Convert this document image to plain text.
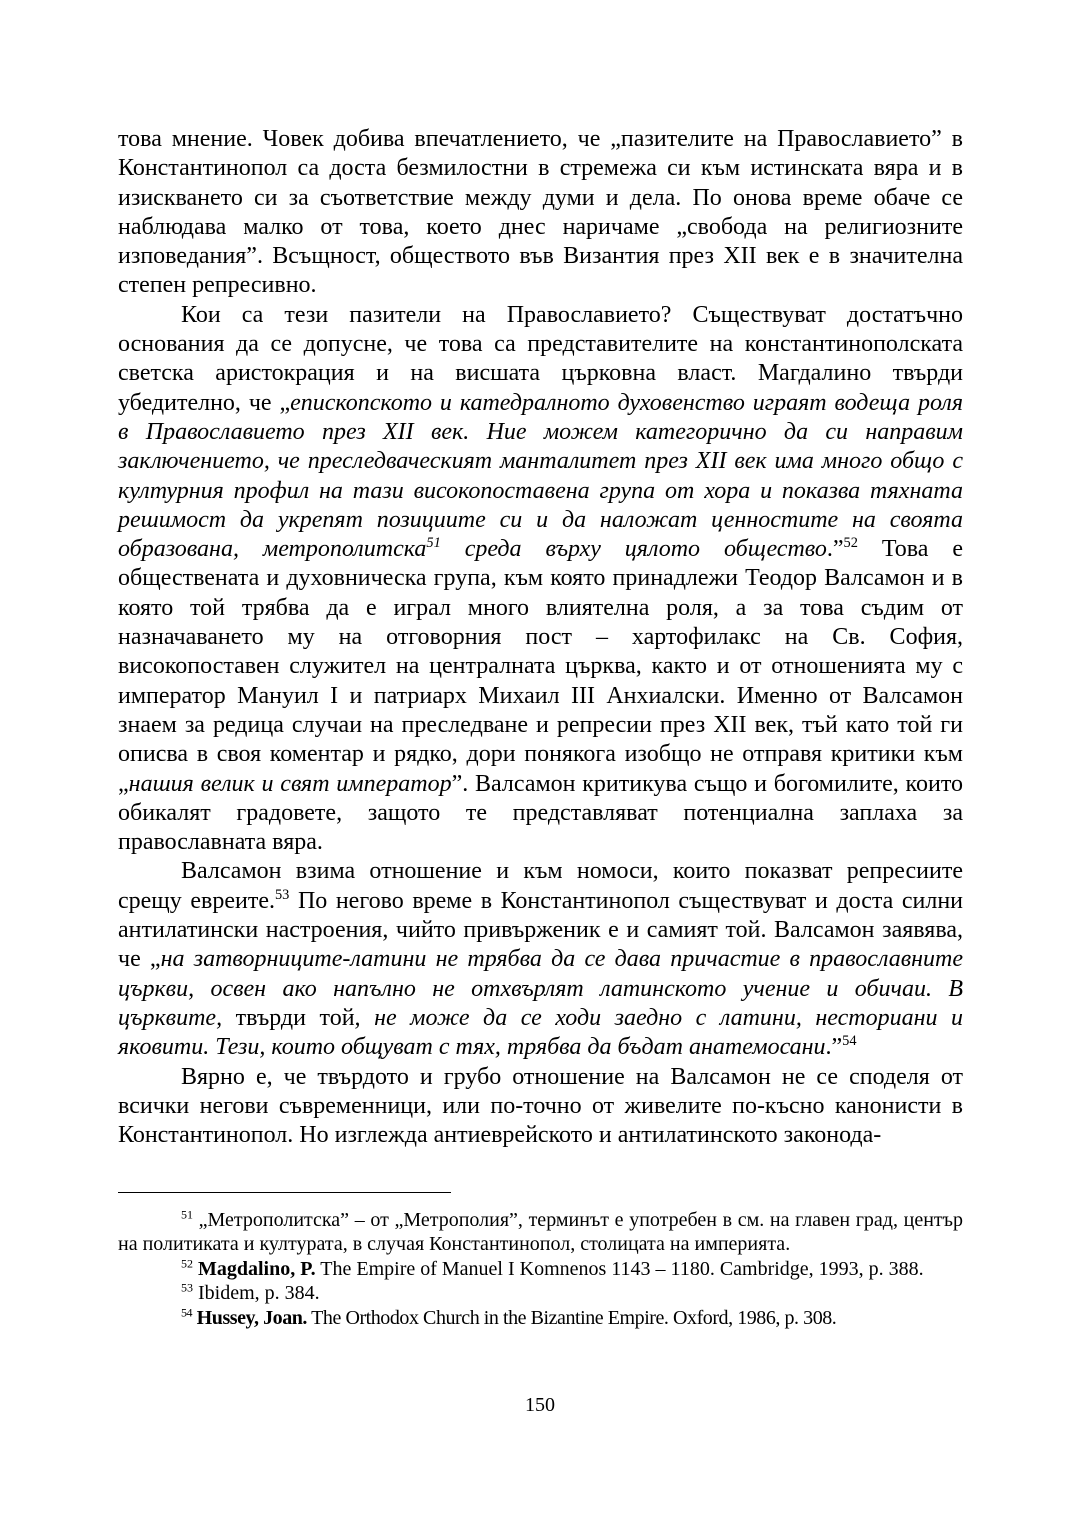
това мнение. Човек добива впечатлението, че „пазителите на Православието” в Константинопол са доста безмилостни в стремежа си към истинската вяра и в изискването си за съответствие между думи и дела. По онова време обаче се наблюдава малко от това, което днес наричаме „свобода на религиозните изповедания”. Всъщност, обществото във Византия през XII век е в значителна степен репресивно.

Кои са тези пазители на Православието? Съществуват достатъчно основания да се допусне, че това са представителите на константинополската светска аристокрация и на висшата църковна власт. Магдалино твърди убедително, че „епископското и катедралното духовенство играят водеща роля в Православието през XII век. Ние можем категорично да си направим заключението, че преследваческият манталитет през XII век има много общо с културния профил на тази високопоставена група от хора и показва тяхната решимост да укрепят позициите си и да наложат ценностите на своята образована, метрополитска$^{51}$ среда върху цялото общество.”$^{52}$ Това е обществената и духовническа група, към която принадлежи Теодор Валсамон и в която той трябва да е играл много влиятелна роля, а за това съдим от назначаването му на отговорния пост – хартофилакс на Св. София, високопоставен служител на централната църква, както и от отношенията му с император Мануил I и патриарх Михаил III Анхиалски. Именно от Валсамон знаем за редица случаи на преследване и репресии през XII век, тъй като той ги описва в своя коментар и рядко, дори понякога изобщо не отправя критики към „нашия велик и свят император”. Валсамон критикува също и богомилите, които обикалят градовете, защото те представляват потенциална заплаха за православната вяра.

Валсамон взима отношение и към номоси, които показват репресиите срещу евреите.$^{53}$ По негово време в Константинопол съществуват и доста силни антилатински настроения, чийто привърженик е и самият той. Валсамон заявява, че „на затворниците-латини не трябва да се дава причастие в православните църкви, освен ако напълно не отхвърлят латинското учение и обичаи. В църквите, твърди той, не може да се ходи заедно с латини, несториани и яковити. Тези, които общуват с тях, трябва да бъдат анатемосани.”$^{54}$

Вярно е, че твърдото и грубо отношение на Валсамон не се споделя от всички негови съвременници, или по-точно от живелите по-късно канонисти в Константинопол. Но изглежда антиеврейското и антилатинското законода-

$^{51}$ „Метрополитска” – от „Метрополия”, терминът е употребен в см. на главен град, център на политиката и културата, в случая Константинопол, столицата на империята.

$^{52}$ Magdalino, P. The Empire of Manuel I Komnenos 1143 – 1180. Cambridge, 1993, p. 388.

$^{53}$ Ibidem, p. 384.

$^{54}$ Hussey, Joan. The Orthodox Church in the Bizantine Empire. Oxford, 1986, p. 308.

150
